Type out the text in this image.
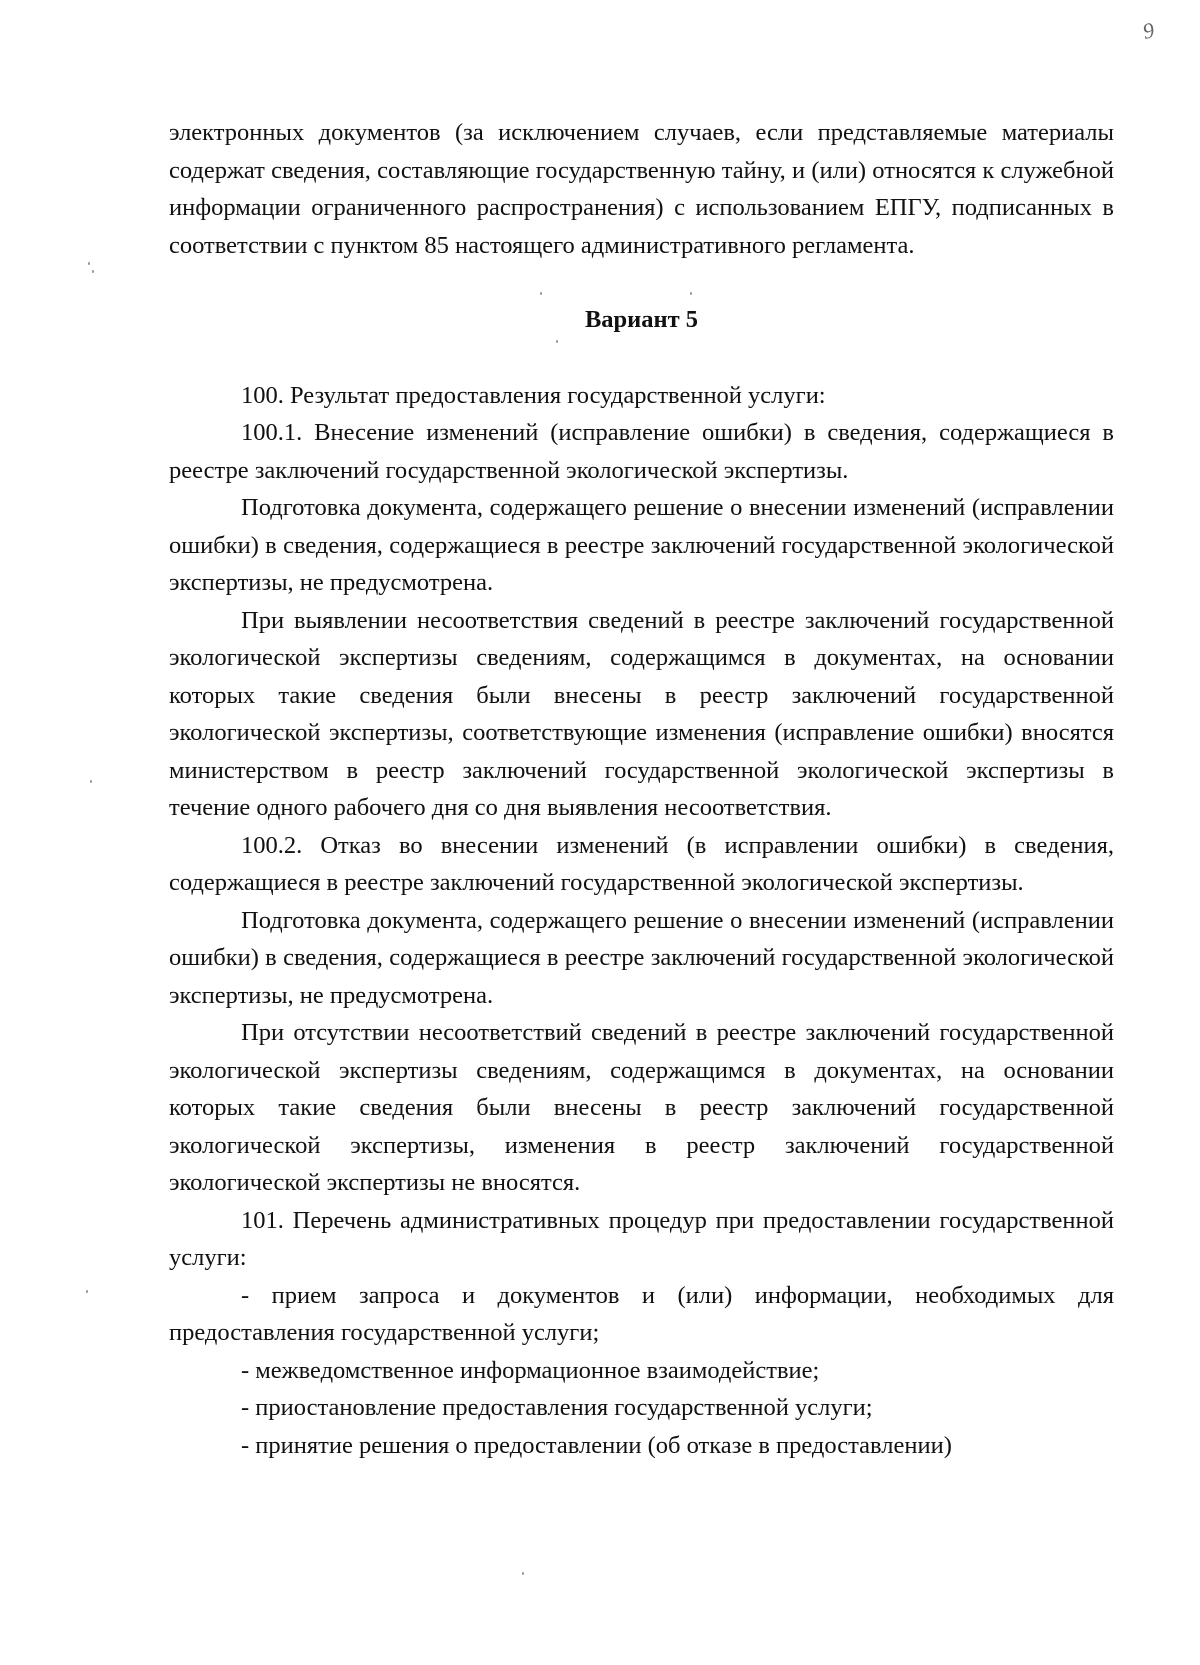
9

электронных документов (за исключением случаев, если представляемые материалы содержат сведения, составляющие государственную тайну, и (или) относятся к служебной информации ограниченного распространения) с использованием ЕПГУ, подписанных в соответствии с пунктом 85 настоящего административного регламента.

Вариант 5

100. Результат предоставления государственной услуги:

100.1. Внесение изменений (исправление ошибки) в сведения, содержащиеся в реестре заключений государственной экологической экспертизы.

Подготовка документа, содержащего решение о внесении изменений (исправлении ошибки) в сведения, содержащиеся в реестре заключений государственной экологической экспертизы, не предусмотрена.

При выявлении несоответствия сведений в реестре заключений государственной экологической экспертизы сведениям, содержащимся в документах, на основании которых такие сведения были внесены в реестр заключений государственной экологической экспертизы, соответствующие изменения (исправление ошибки) вносятся министерством в реестр заключений государственной экологической экспертизы в течение одного рабочего дня со дня выявления несоответствия.

100.2. Отказ во внесении изменений (в исправлении ошибки) в сведения, содержащиеся в реестре заключений государственной экологической экспертизы.

Подготовка документа, содержащего решение о внесении изменений (исправлении ошибки) в сведения, содержащиеся в реестре заключений государственной экологической экспертизы, не предусмотрена.

При отсутствии несоответствий сведений в реестре заключений государственной экологической экспертизы сведениям, содержащимся в документах, на основании которых такие сведения были внесены в реестр заключений государственной экологической экспертизы, изменения в реестр заключений государственной экологической экспертизы не вносятся.

101. Перечень административных процедур при предоставлении государственной услуги:

- прием запроса и документов и (или) информации, необходимых для предоставления государственной услуги;

- межведомственное информационное взаимодействие;

- приостановление предоставления государственной услуги;

- принятие решения о предоставлении (об отказе в предоставлении)
